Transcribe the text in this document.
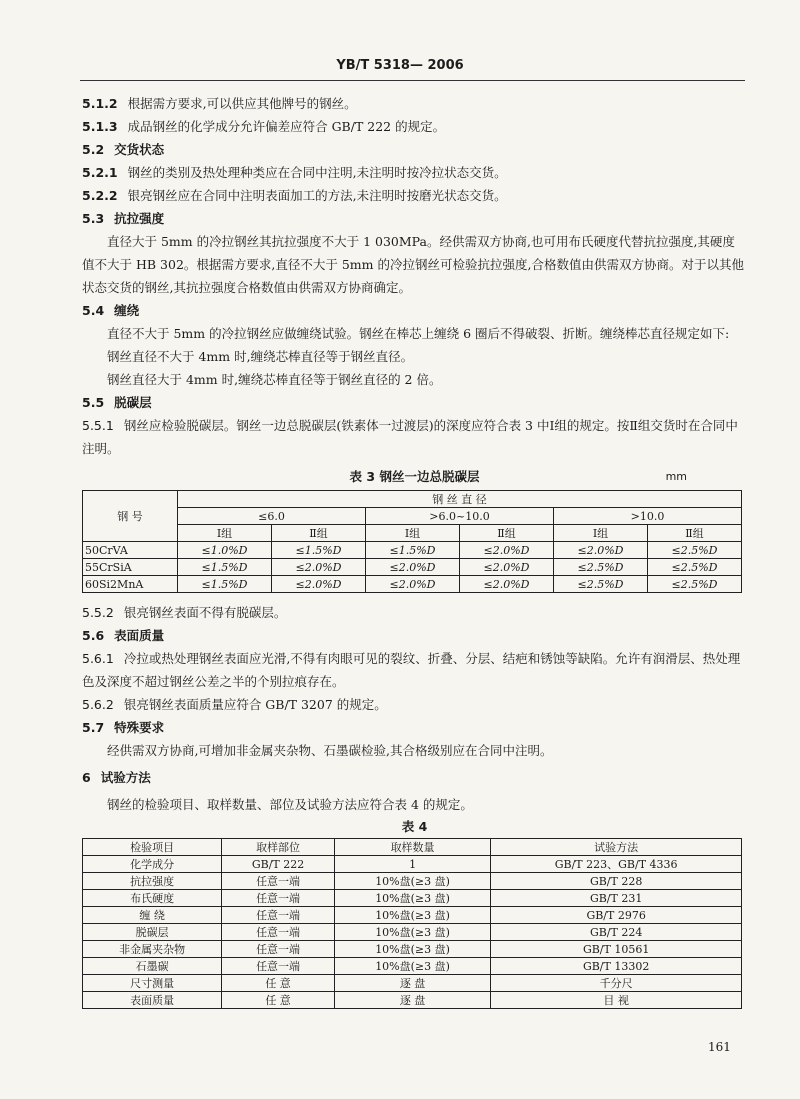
YB/T 5318— 2006
5.1.2 根据需方要求,可以供应其他牌号的钢丝。
5.1.3 成品钢丝的化学成分允许偏差应符合 GB/T 222 的规定。
5.2 交货状态
5.2.1 钢丝的类别及热处理种类应在合同中注明,未注明时按冷拉状态交货。
5.2.2 银亮钢丝应在合同中注明表面加工的方法,未注明时按磨光状态交货。
5.3 抗拉强度

直径大于 5mm 的冷拉钢丝其抗拉强度不大于 1 030MPa。经供需双方协商,也可用布氏硬度代替抗拉强度,其硬度值不大于 HB 302。根据需方要求,直径不大于 5mm 的冷拉钢丝可检验抗拉强度,合格数值由供需双方协商。对于以其他状态交货的钢丝,其抗拉强度合格数值由供需双方协商确定。

5.4 缠绕

直径不大于 5mm 的冷拉钢丝应做缠绕试验。钢丝在棒芯上缠绕 6 圈后不得破裂、折断。缠绕棒芯直径规定如下:

钢丝直径不大于 4mm 时,缠绕芯棒直径等于钢丝直径。

钢丝直径大于 4mm 时,缠绕芯棒直径等于钢丝直径的 2 倍。

5.5 脱碳层

5.5.1 钢丝应检验脱碳层。钢丝一边总脱碳层(铁素体一过渡层)的深度应符合表 3 中Ⅰ组的规定。按Ⅱ组交货时在合同中注明。

表 3 钢丝一边总脱碳层	mm
钢 号	钢 丝 直 径					
	≤6.0		>6.0~10.0		>10.0	
	Ⅰ组	Ⅱ组	Ⅰ组	Ⅱ组	Ⅰ组	Ⅱ组
50CrVA	≤1.0%D	≤1.5%D	≤1.5%D	≤2.0%D	≤2.0%D	≤2.5%D
55CrSiA	≤1.5%D	≤2.0%D	≤2.0%D	≤2.0%D	≤2.5%D	≤2.5%D
60Si2MnA	≤1.5%D	≤2.0%D	≤2.0%D	≤2.0%D	≤2.5%D	≤2.5%D
5.5.2 银亮钢丝表面不得有脱碳层。
5.6 表面质量

5.6.1 冷拉或热处理钢丝表面应光滑,不得有肉眼可见的裂纹、折叠、分层、结疤和锈蚀等缺陷。允许有润滑层、热处理色及深度不超过钢丝公差之半的个别拉痕存在。

5.6.2 银亮钢丝表面质量应符合 GB/T 3207 的规定。
5.7 特殊要求

经供需双方协商,可增加非金属夹杂物、石墨碳检验,其合格级别应在合同中注明。

6 试验方法

钢丝的检验项目、取样数量、部位及试验方法应符合表 4 的规定。

表 4
检验项目	取样部位	取样数量	试验方法
化学成分	GB/T 222	1	GB/T 223、GB/T 4336
抗拉强度	任意一端	10%盘(≥3 盘)	GB/T 228
布氏硬度	任意一端	10%盘(≥3 盘)	GB/T 231
缠 绕	任意一端	10%盘(≥3 盘)	GB/T 2976
脱碳层	任意一端	10%盘(≥3 盘)	GB/T 224
非金属夹杂物	任意一端	10%盘(≥3 盘)	GB/T 10561
石墨碳	任意一端	10%盘(≥3 盘)	GB/T 13302
尺寸测量	任 意	逐 盘	千分尺
表面质量	任 意	逐 盘	目 视
161
